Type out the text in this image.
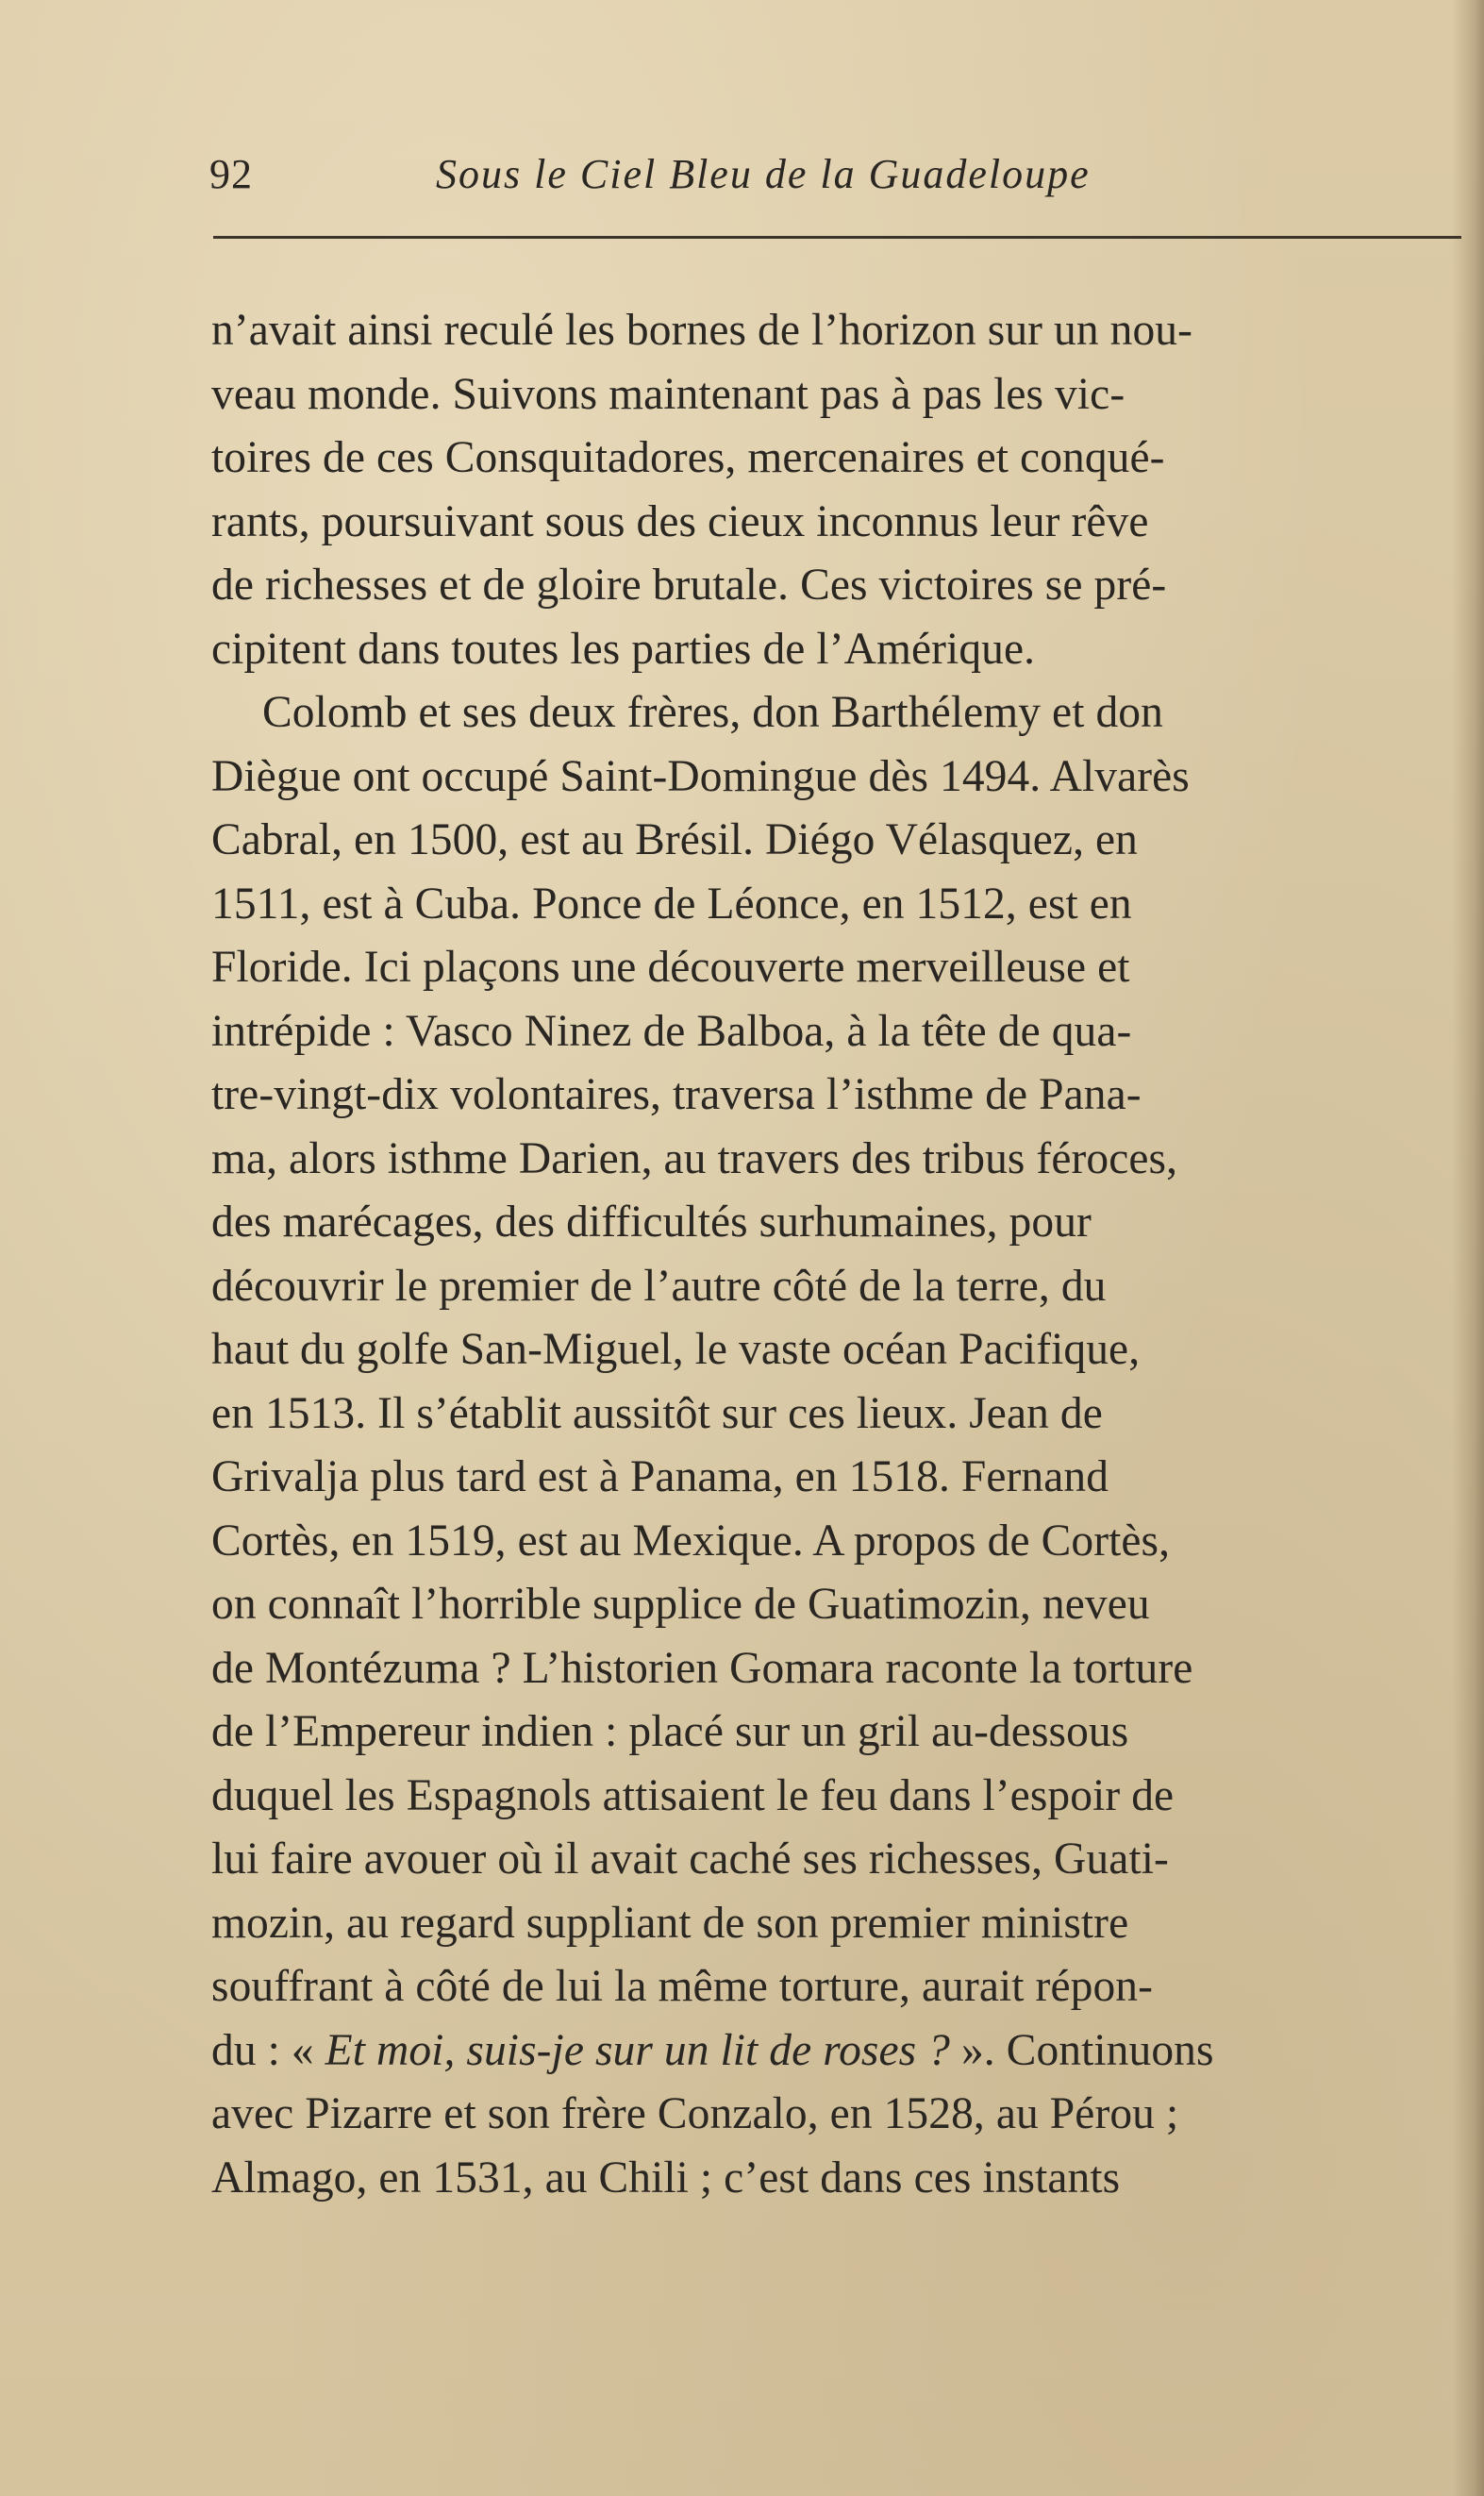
92	Sous le Ciel Bleu de la Guadeloupe
n’avait ainsi reculé les bornes de l’horizon sur un nou-
veau monde. Suivons maintenant pas à pas les vic-
toires de ces Consquitadores, mercenaires et conqué-
rants, poursuivant sous des cieux inconnus leur rêve
de richesses et de gloire brutale. Ces victoires se pré-
cipitent dans toutes les parties de l’Amérique.
Colomb et ses deux frères, don Barthélemy et don
Diègue ont occupé Saint-Domingue dès 1494. Alvarès
Cabral, en 1500, est au Brésil. Diégo Vélasquez, en
1511, est à Cuba. Ponce de Léonce, en 1512, est en
Floride. Ici plaçons une découverte merveilleuse et
intrépide : Vasco Ninez de Balboa, à la tête de qua-
tre-vingt-dix volontaires, traversa l’isthme de Pana-
ma, alors isthme Darien, au travers des tribus féroces,
des marécages, des difficultés surhumaines, pour
découvrir le premier de l’autre côté de la terre, du
haut du golfe San-Miguel, le vaste océan Pacifique,
en 1513. Il s’établit aussitôt sur ces lieux. Jean de
Grivalja plus tard est à Panama, en 1518. Fernand
Cortès, en 1519, est au Mexique. A propos de Cortès,
on connaît l’horrible supplice de Guatimozin, neveu
de Montézuma ? L’historien Gomara raconte la torture
de l’Empereur indien : placé sur un gril au-dessous
duquel les Espagnols attisaient le feu dans l’espoir de
lui faire avouer où il avait caché ses richesses, Guati-
mozin, au regard suppliant de son premier ministre
souffrant à côté de lui la même torture, aurait répon-
du : « Et moi, suis-je sur un lit de roses ? ». Continuons
avec Pizarre et son frère Conzalo, en 1528, au Pérou ;
Almago, en 1531, au Chili ; c’est dans ces instants
